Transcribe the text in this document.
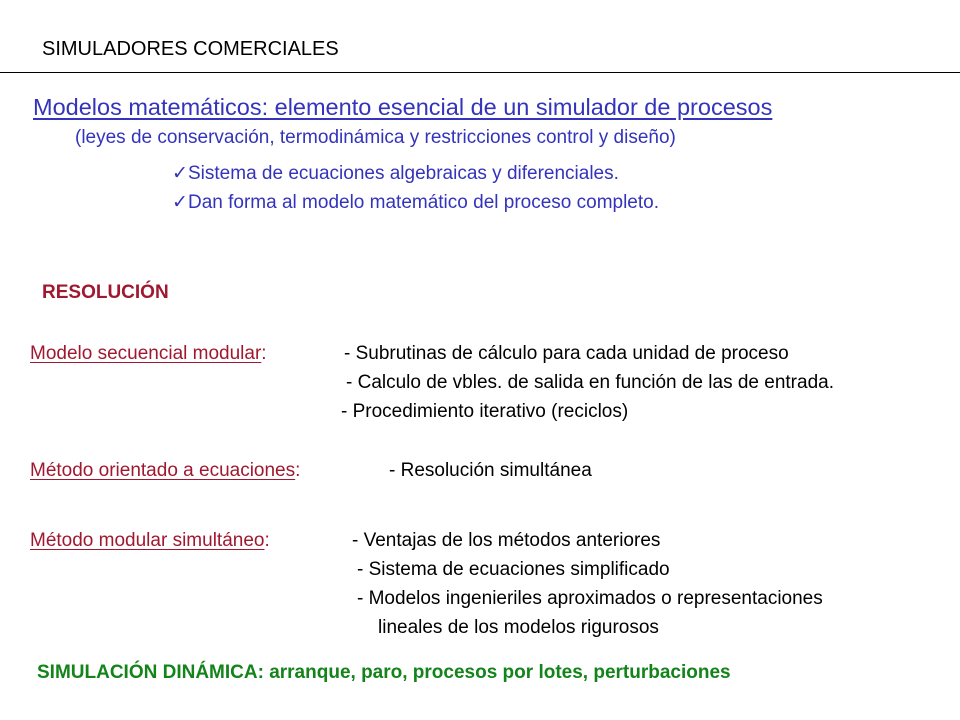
SIMULADORES COMERCIALES
Modelos matemáticos: elemento esencial de un simulador de procesos
(leyes de conservación, termodinámica y restricciones control y diseño)
✓Sistema de ecuaciones algebraicas y diferenciales.
✓Dan forma al modelo matemático del proceso completo.
RESOLUCIÓN
Modelo secuencial modular:	- Subrutinas de cálculo para cada unidad de proceso
- Calculo de vbles. de salida en función de las de entrada.
- Procedimiento iterativo (reciclos)
Método orientado a ecuaciones:	- Resolución simultánea
Método modular simultáneo:	- Ventajas de los métodos anteriores
- Sistema de ecuaciones simplificado
- Modelos ingenieriles aproximados o representaciones
lineales de los modelos rigurosos
SIMULACIÓN DINÁMICA: arranque, paro, procesos por lotes, perturbaciones
